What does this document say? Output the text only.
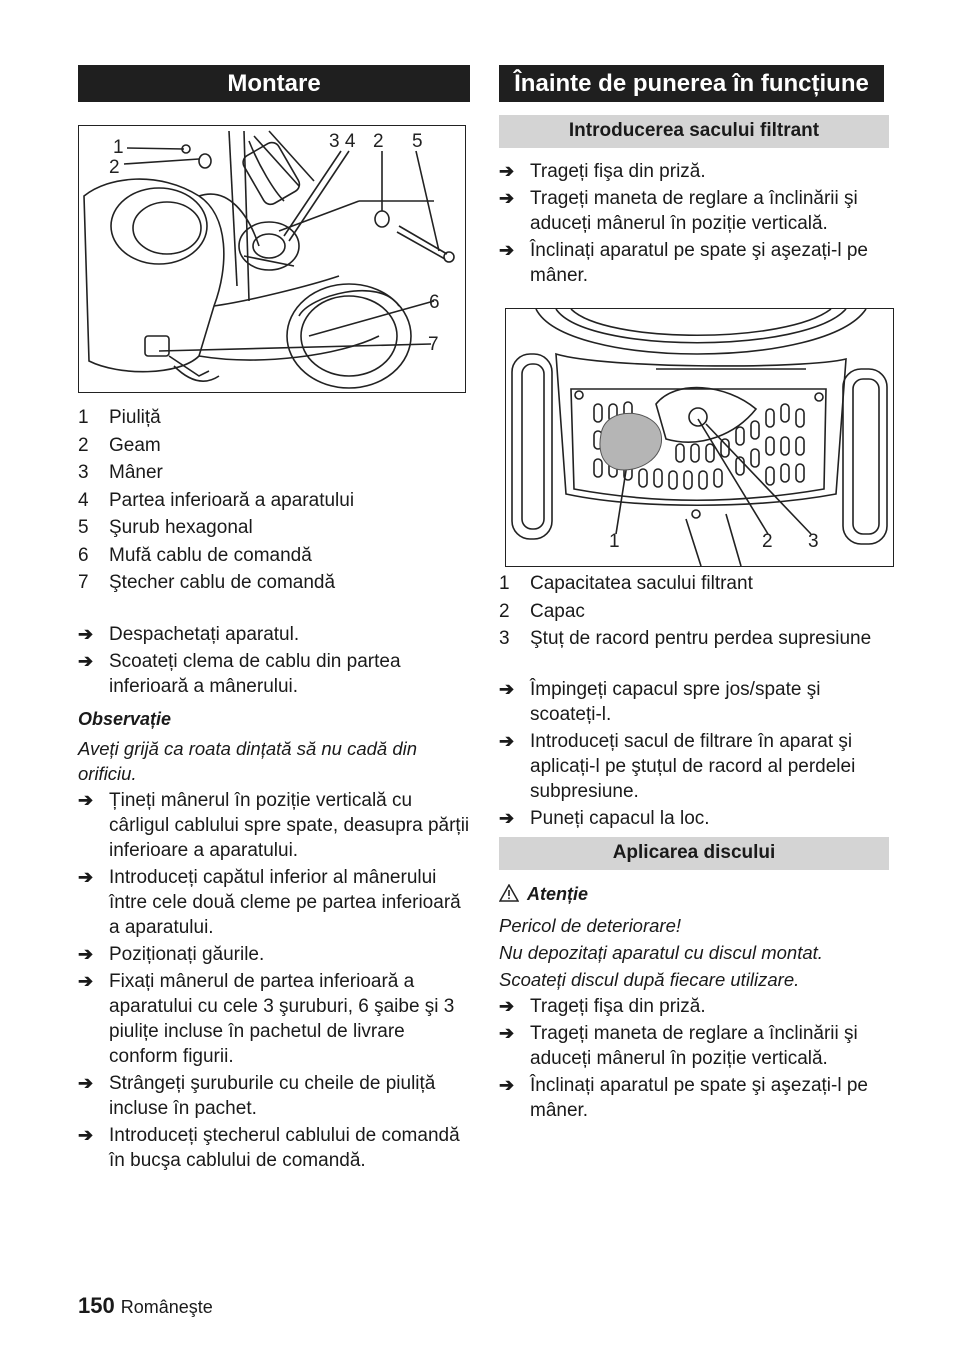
Montare
1
2
3 4 2 5
6
7
1	Piuliță
2	Geam
3	Mâner
4	Partea inferioară a aparatului
5	Şurub hexagonal
6	Mufă cablu de comandă
7	Ştecher cablu de comandă
➔ Despachetați aparatul.
➔ Scoateți clema de cablu din partea inferioară a mânerului.
Observație
Aveți grijă ca roata dințată să nu cadă din orificiu.
➔ Țineți mânerul în poziție verticală cu cârligul cablului spre spate, deasupra părții inferioare a aparatului.
➔ Introduceți capătul inferior al mânerului între cele două cleme pe partea inferioară a aparatului.
➔ Poziționați găurile.
➔ Fixați mânerul de partea inferioară a aparatului cu cele 3 şuruburi, 6 şaibe şi 3 piulițe incluse în pachetul de livrare conform figurii.
➔ Strângeți şuruburile cu cheile de piuliță incluse în pachet.
➔ Introduceți ştecherul cablului de comandă în bucşa cablului de comandă.
Înainte de punerea în funcțiune
Introducerea sacului filtrant
➔ Trageți fişa din priză.
➔ Trageți maneta de reglare a înclinării şi aduceți mânerul în poziție verticală.
➔ Înclinați aparatul pe spate şi aşezați-l pe mâner.
1	2 3
1	Capacitatea sacului filtrant
2	Capac
3	Ştuț de racord pentru perdea supresiune
➔ Împingeți capacul spre jos/spate şi scoateți-l.
➔ Introduceți sacul de filtrare în aparat şi aplicați-l pe ştuțul de racord al perdelei subpresiune.
➔ Puneți capacul la loc.
Aplicarea discului
Atenție
Pericol de deteriorare!
Nu depozitați aparatul cu discul montat.
Scoateți discul după fiecare utilizare.
➔ Trageți fişa din priză.
➔ Trageți maneta de reglare a înclinării şi aduceți mânerul în poziție verticală.
➔ Înclinați aparatul pe spate şi aşezați-l pe mâner.
150 Româneşte
